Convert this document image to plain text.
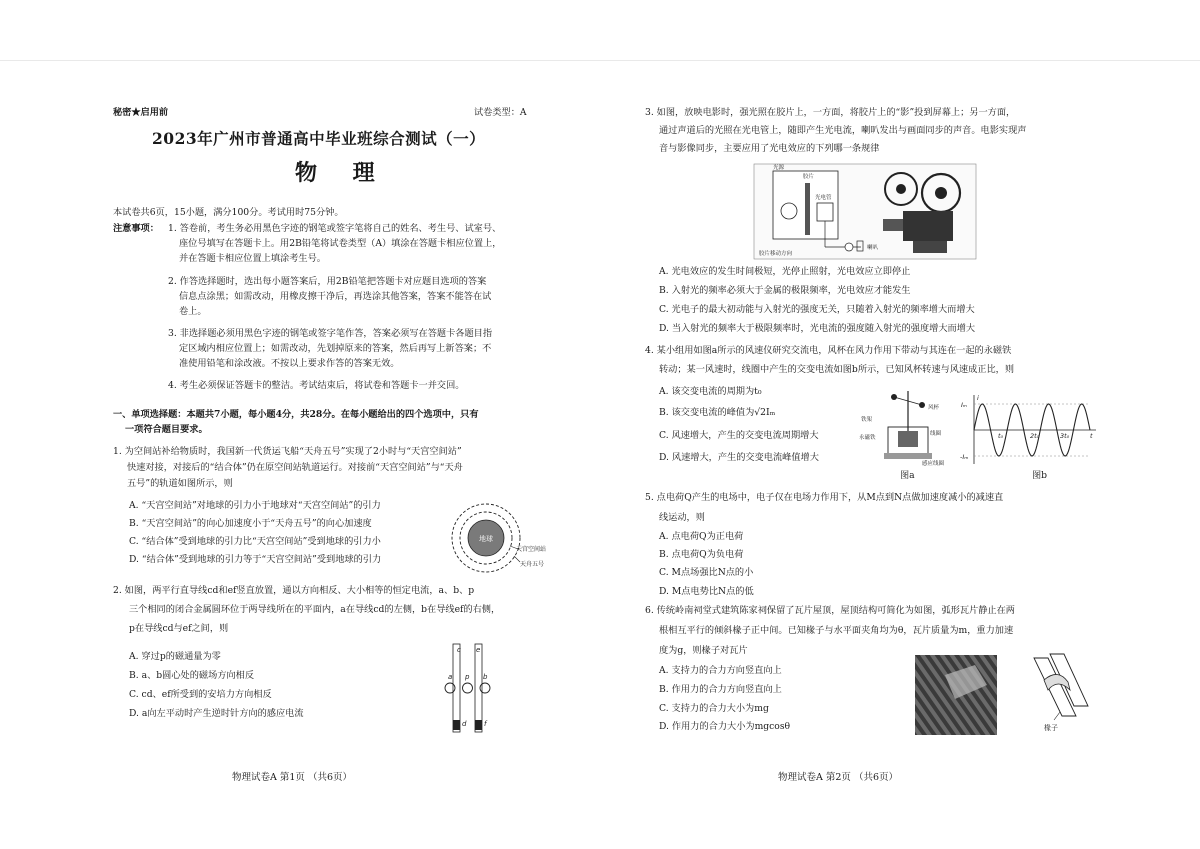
秘密★启用前	试卷类型：A
2023年广州市普通高中毕业班综合测试（一）
物 理
本试卷共6页，15小题，满分100分。考试用时75分钟。
注意事项： 1. 答卷前，考生务必用黑色字迹的钢笔或签字笔将自己的姓名、考生号、试室号、
座位号填写在答题卡上。用2B铅笔将试卷类型（A）填涂在答题卡相应位置上，
并在答题卡相应位置上填涂考生号。
2. 作答选择题时，选出每小题答案后，用2B铅笔把答题卡对应题目选项的答案
信息点涂黑；如需改动，用橡皮擦干净后，再选涂其他答案，答案不能答在试
卷上。
3. 非选择题必须用黑色字迹的钢笔或签字笔作答，答案必须写在答题卡各题目指
定区域内相应位置上；如需改动，先划掉原来的答案，然后再写上新答案；不
准使用铅笔和涂改液。不按以上要求作答的答案无效。
4. 考生必须保证答题卡的整洁。考试结束后，将试卷和答题卡一并交回。
一、单项选择题：本题共7小题，每小题4分，共28分。在每小题给出的四个选项中，只有
一项符合题目要求。
1. 为空间站补给物质时，我国新一代货运飞船“天舟五号”实现了2小时与“天宫空间站”
快速对接，对接后的“结合体”仍在原空间站轨道运行。对接前“天宫空间站”与“天舟
五号”的轨道如图所示，则
A. “天宫空间站”对地球的引力小于地球对“天宫空间站”的引力
B. “天宫空间站”的向心加速度小于“天舟五号”的向心加速度
C. “结合体”受到地球的引力比“天宫空间站”受到地球的引力小
D. “结合体”受到地球的引力等于“天宫空间站”受到地球的引力
地球
天宫空间站
天舟五号
2. 如图，两平行直导线cd和ef竖直放置，通以方向相反、大小相等的恒定电流，a、b、p
三个相同的闭合金属圆环位于两导线所在的平面内，a在导线cd的左侧，b在导线ef的右侧，
p在导线cd与ef之间，则
A. 穿过p的磁通量为零
B. a、b圆心处的磁场方向相反
C. cd、ef所受到的安培力方向相反
D. a向左平动时产生逆时针方向的感应电流
c e
a p b
d	f
物理试卷A 第1页 （共6页）
3. 如图，放映电影时，强光照在胶片上，一方面，将胶片上的“影”投到屏幕上；另一方面，
通过声道后的光照在光电管上，随即产生光电流，喇叭发出与画面同步的声音。电影实现声
音与影像同步，主要应用了光电效应的下列哪一条规律
光源
胶片
光电管
胶片移动方向
喇叭
A. 光电效应的发生时间极短，光停止照射，光电效应立即停止
B. 入射光的频率必须大于金属的极限频率，光电效应才能发生
C. 光电子的最大初动能与入射光的强度无关，只随着入射光的频率增大而增大
D. 当入射光的频率大于极限频率时，光电流的强度随入射光的强度增大而增大
4. 某小组用如图a所示的风速仪研究交流电，风杯在风力作用下带动与其连在一起的永磁铁
转动；某一风速时，线圈中产生的交变电流如图b所示，已知风杯转速与风速成正比，则
A. 该交变电流的周期为t₀
B. 该交变电流的峰值为√2Iₘ
C. 风速增大，产生的交变电流周期增大
D. 风速增大，产生的交变电流峰值增大
铁架
永磁铁
风杯
线圈
感应线圈
图a
Iₘ
i
-Iₘ
t₀	2t₀	3t₀	t
图b
5. 点电荷Q产生的电场中，电子仅在电场力作用下，从M点到N点做加速度减小的减速直
线运动，则
A. 点电荷Q为正电荷
B. 点电荷Q为负电荷
C. M点场强比N点的小
D. M点电势比N点的低
6. 传统岭南祠堂式建筑陈家祠保留了瓦片屋顶，屋顶结构可简化为如图，弧形瓦片静止在两
根相互平行的倾斜椽子正中间。已知椽子与水平面夹角均为θ，瓦片质量为m，重力加速
度为g，则椽子对瓦片
A. 支持力的合力方向竖直向上
B. 作用力的合力方向竖直向上
C. 支持力的合力大小为mg
D. 作用力的合力大小为mgcosθ	椽子
物理试卷A 第2页 （共6页）
